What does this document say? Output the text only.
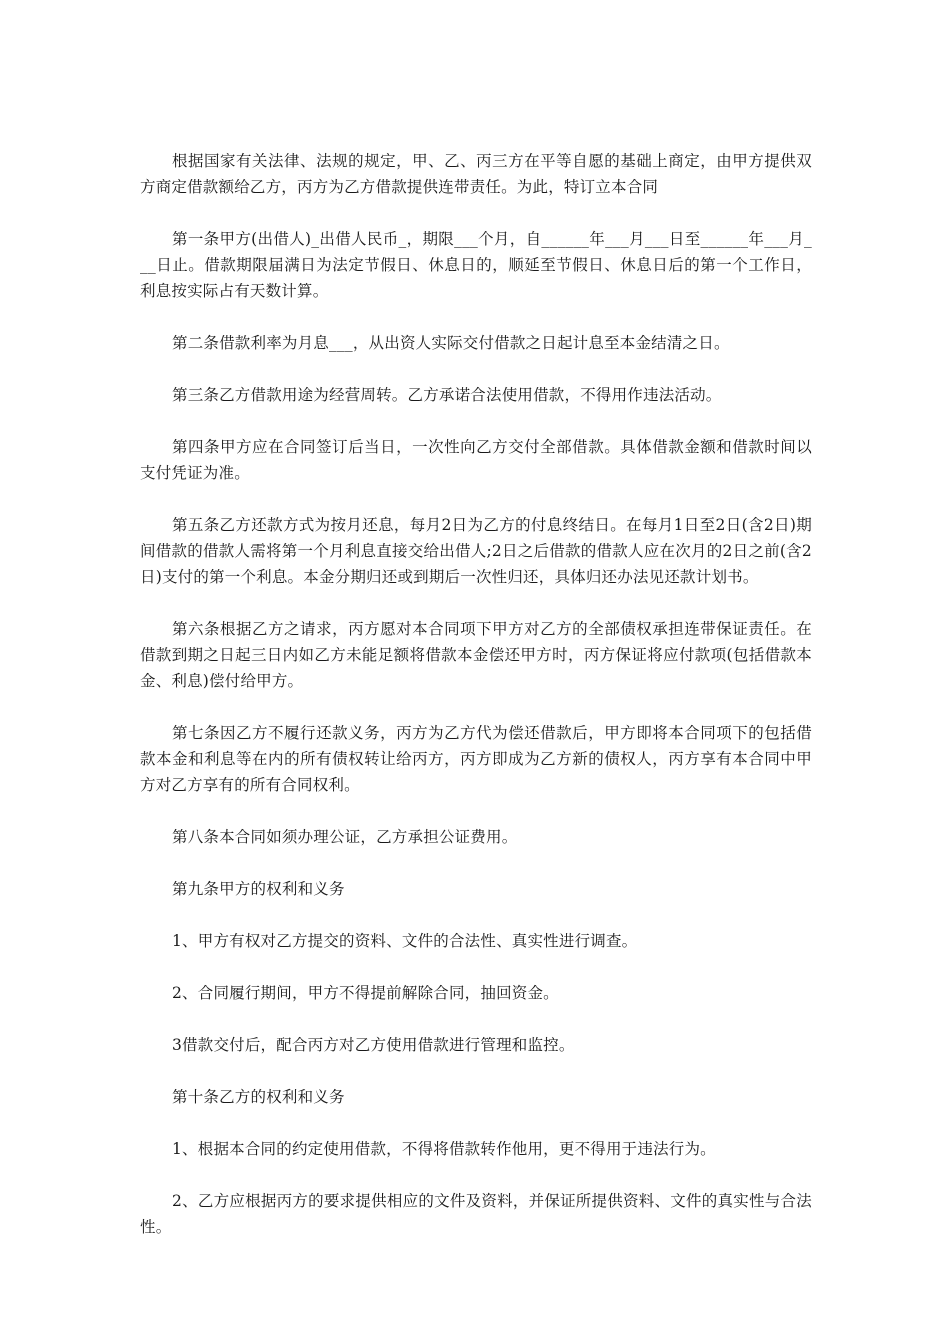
根据国家有关法律、法规的规定，甲、乙、丙三方在平等自愿的基础上商定，由甲方提供双方商定借款额给乙方，丙方为乙方借款提供连带责任。为此，特订立本合同

第一条甲方(出借人)_出借人民币_，期限___个月，自______年___月___日至______年___月___日止。借款期限届满日为法定节假日、休息日的，顺延至节假日、休息日后的第一个工作日，利息按实际占有天数计算。

第二条借款利率为月息___，从出资人实际交付借款之日起计息至本金结清之日。

第三条乙方借款用途为经营周转。乙方承诺合法使用借款，不得用作违法活动。

第四条甲方应在合同签订后当日，一次性向乙方交付全部借款。具体借款金额和借款时间以支付凭证为准。

第五条乙方还款方式为按月还息，每月2日为乙方的付息终结日。在每月1日至2日(含2日)期间借款的借款人需将第一个月利息直接交给出借人;2日之后借款的借款人应在次月的2日之前(含2日)支付的第一个利息。本金分期归还或到期后一次性归还，具体归还办法见还款计划书。

第六条根据乙方之请求，丙方愿对本合同项下甲方对乙方的全部债权承担连带保证责任。在借款到期之日起三日内如乙方未能足额将借款本金偿还甲方时，丙方保证将应付款项(包括借款本金、利息)偿付给甲方。

第七条因乙方不履行还款义务，丙方为乙方代为偿还借款后，甲方即将本合同项下的包括借款本金和利息等在内的所有债权转让给丙方，丙方即成为乙方新的债权人，丙方享有本合同中甲方对乙方享有的所有合同权利。

第八条本合同如须办理公证，乙方承担公证费用。

第九条甲方的权利和义务

1、甲方有权对乙方提交的资料、文件的合法性、真实性进行调查。

2、合同履行期间，甲方不得提前解除合同，抽回资金。

3借款交付后，配合丙方对乙方使用借款进行管理和监控。

第十条乙方的权利和义务

1、根据本合同的约定使用借款，不得将借款转作他用，更不得用于违法行为。

2、乙方应根据丙方的要求提供相应的文件及资料，并保证所提供资料、文件的真实性与合法性。
